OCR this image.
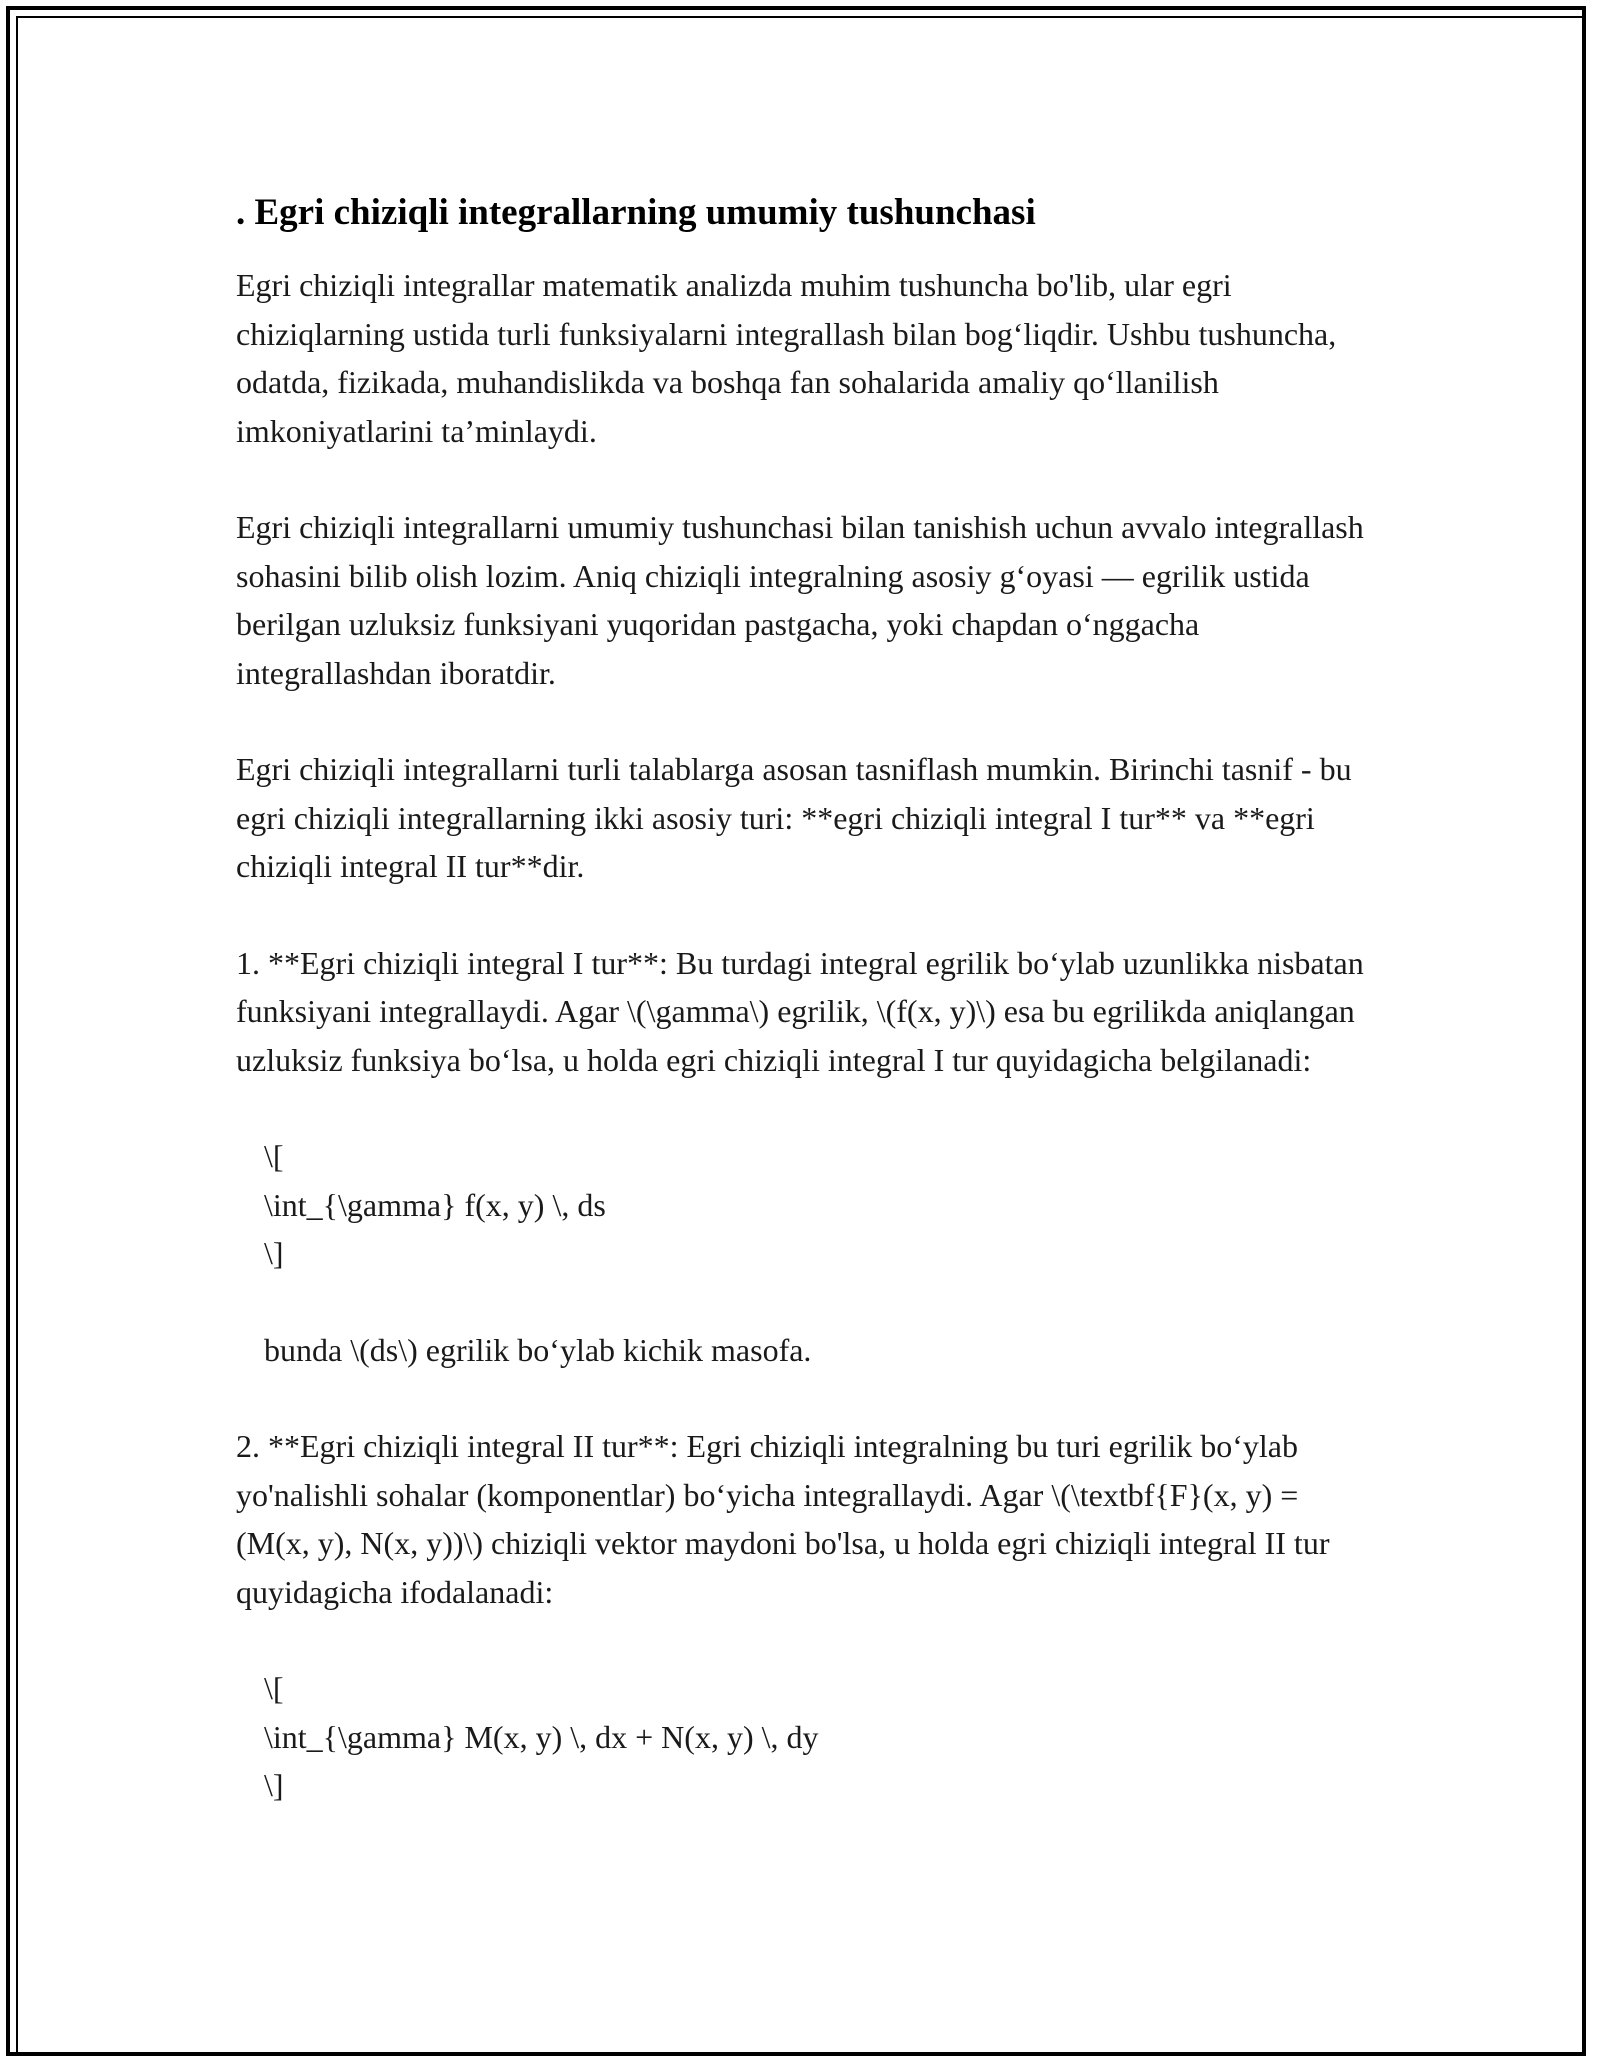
. Egri chiziqli integrallarning umumiy tushunchasi

Egri chiziqli integrallar matematik analizda muhim tushuncha bo'lib, ular egri chiziqlarning ustida turli funksiyalarni integrallash bilan bog‘liqdir. Ushbu tushuncha, odatda, fizikada, muhandislikda va boshqa fan sohalarida amaliy qo‘llanilish imkoniyatlarini ta’minlaydi.

Egri chiziqli integrallarni umumiy tushunchasi bilan tanishish uchun avvalo integrallash sohasini bilib olish lozim. Aniq chiziqli integralning asosiy g‘oyasi — egrilik ustida berilgan uzluksiz funksiyani yuqoridan pastgacha, yoki chapdan o‘nggacha integrallashdan iboratdir.

Egri chiziqli integrallarni turli talablarga asosan tasniflash mumkin. Birinchi tasnif - bu egri chiziqli integrallarning ikki asosiy turi: **egri chiziqli integral I tur** va **egri chiziqli integral II tur**dir.

1. **Egri chiziqli integral I tur**: Bu turdagi integral egrilik bo‘ylab uzunlikka nisbatan funksiyani integrallaydi. Agar \(\gamma\) egrilik, \(f(x, y)\) esa bu egrilikda aniqlangan uzluksiz funksiya bo‘lsa, u holda egri chiziqli integral I tur quyidagicha belgilanadi:

\[
\int_{\gamma} f(x, y) \, ds
\]

bunda \(ds\) egrilik bo‘ylab kichik masofa.

2. **Egri chiziqli integral II tur**: Egri chiziqli integralning bu turi egrilik bo‘ylab yo'nalishli sohalar (komponentlar) bo‘yicha integrallaydi. Agar \(\textbf{F}(x, y) = (M(x, y), N(x, y))\) chiziqli vektor maydoni bo'lsa, u holda egri chiziqli integral II tur quyidagicha ifodalanadi:

\[
\int_{\gamma} M(x, y) \, dx + N(x, y) \, dy
\]
